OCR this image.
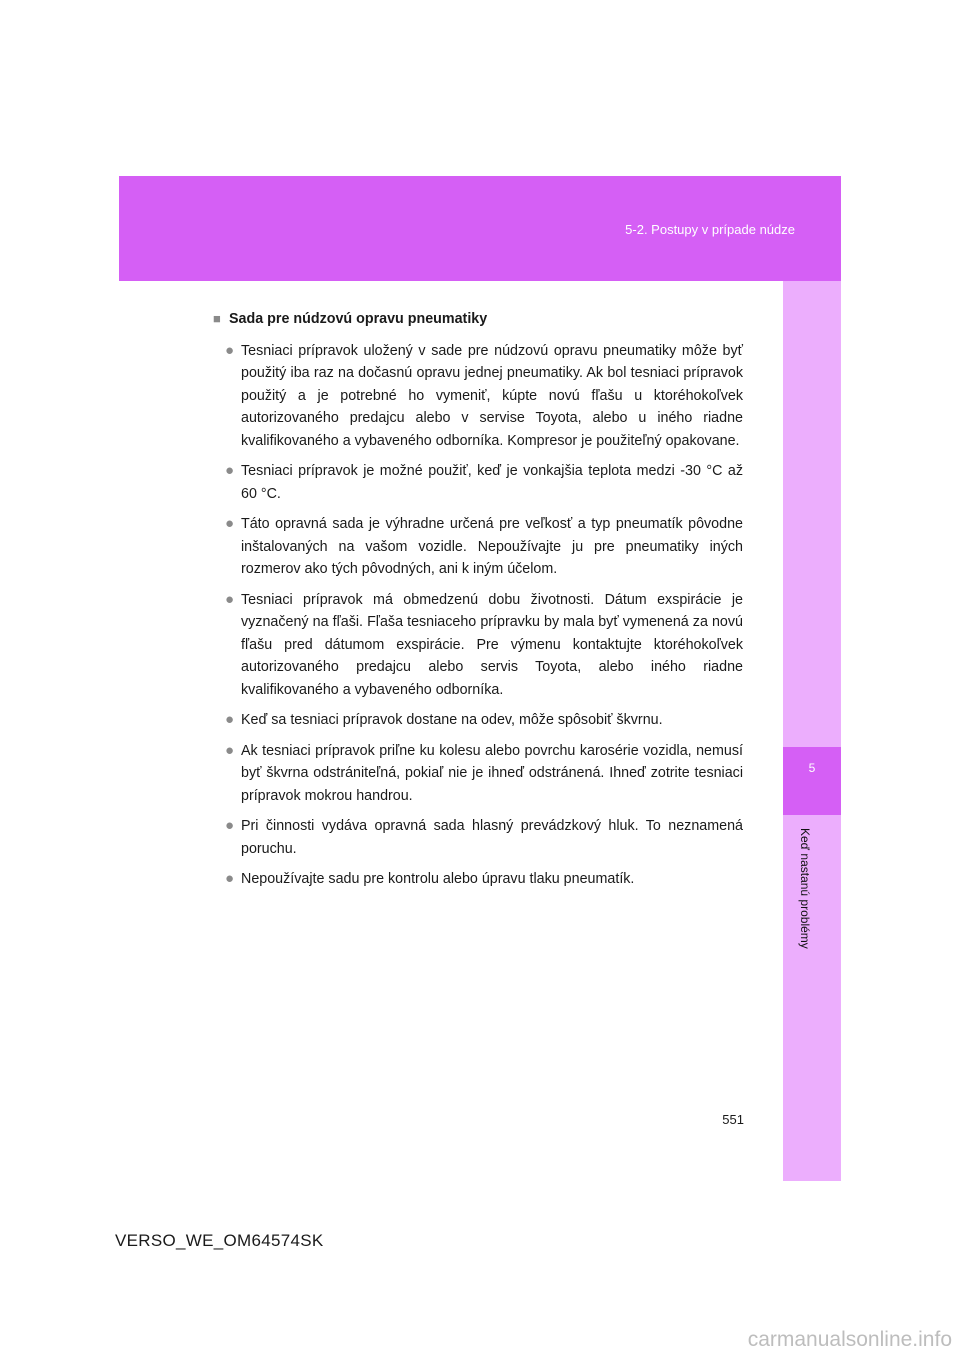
5-2. Postupy v prípade núdze
5
Keď nastanú problémy
■ Sada pre núdzovú opravu pneumatiky
● Tesniaci prípravok uložený v sade pre núdzovú opravu pneumatiky môže byť použitý iba raz na dočasnú opravu jednej pneumatiky. Ak bol tesniaci prípravok použitý a je potrebné ho vymeniť, kúpte novú fľašu u ktoréhokoľvek autorizovaného predajcu alebo v servise Toyota, alebo u iného riadne kvalifikovaného a vybaveného odborníka. Kompresor je použiteľný opakovane.
● Tesniaci prípravok je možné použiť, keď je vonkajšia teplota medzi -30 °C až 60 °C.
● Táto opravná sada je výhradne určená pre veľkosť a typ pneumatík pôvodne inštalovaných na vašom vozidle. Nepoužívajte ju pre pneumatiky iných rozmerov ako tých pôvodných, ani k iným účelom.
● Tesniaci prípravok má obmedzenú dobu životnosti. Dátum exspirácie je vyznačený na fľaši. Fľaša tesniaceho prípravku by mala byť vymenená za novú fľašu pred dátumom exspirácie. Pre výmenu kontaktujte ktoréhokoľvek autorizovaného predajcu alebo servis Toyota, alebo iného riadne kvalifikovaného a vybaveného odborníka.
● Keď sa tesniaci prípravok dostane na odev, môže spôsobiť škvrnu.
● Ak tesniaci prípravok priľne ku kolesu alebo povrchu karosérie vozidla, nemusí byť škvrna odstrániteľná, pokiaľ nie je ihneď odstránená. Ihneď zotrite tesniaci prípravok mokrou handrou.
● Pri činnosti vydáva opravná sada hlasný prevádzkový hluk. To neznamená poruchu.
● Nepoužívajte sadu pre kontrolu alebo úpravu tlaku pneumatík.
551
VERSO_WE_OM64574SK
carmanualsonline.info
